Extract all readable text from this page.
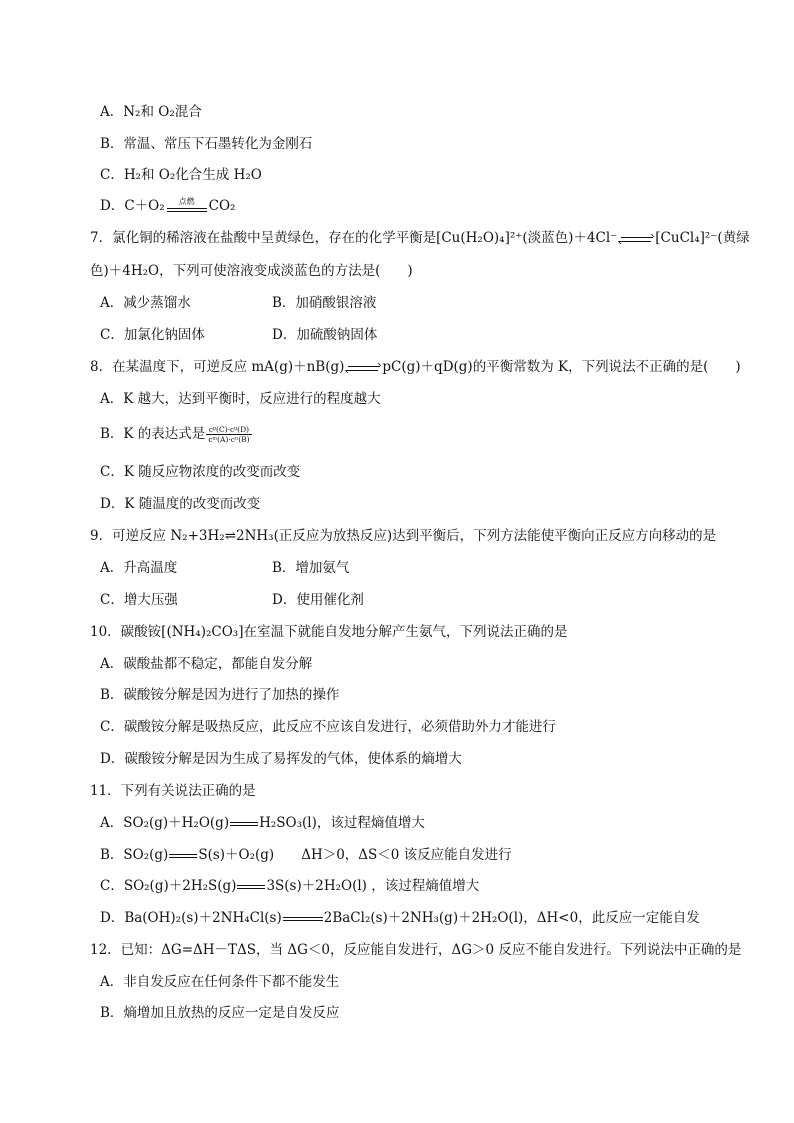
A．N₂和 O₂混合
B．常温、常压下石墨转化为金刚石
C．H₂和 O₂化合生成 H₂O
D．C＋O₂	点燃	CO₂
7．氯化铜的稀溶液在盐酸中呈黄绿色，存在的化学平衡是[Cu(H₂O)₄]²⁺(淡蓝色)＋4Cl⁻	[CuCl₄]²⁻(黄绿
色)＋4H₂O，下列可使溶液变成淡蓝色的方法是(　　)
A．减少蒸馏水	B．加硝酸银溶液
C．加氯化钠固体	D．加硫酸钠固体
8．在某温度下，可逆反应 mA(g)＋nB(g)	pC(g)＋qD(g)的平衡常数为 K，下列说法不正确的是(　　)
A．K 越大，达到平衡时，反应进行的程度越大
B．K 的表达式是 $\frac{\text{cᵖ(C)·cᵍ(D)}}{\text{cᵐ(A)·cⁿ(B)}}$
C．K 随反应物浓度的改变而改变
D．K 随温度的改变而改变
9．可逆反应 N₂+3H₂⇌2NH₃(正反应为放热反应)达到平衡后，下列方法能使平衡向正反应方向移动的是
A．升高温度	B．增加氨气
C．增大压强	D．使用催化剂
10．碳酸铵[(NH₄)₂CO₃]在室温下就能自发地分解产生氨气，下列说法正确的是
A．碳酸盐都不稳定，都能自发分解
B．碳酸铵分解是因为进行了加热的操作
C．碳酸铵分解是吸热反应，此反应不应该自发进行，必须借助外力才能进行
D．碳酸铵分解是因为生成了易挥发的气体，使体系的熵增大
11．下列有关说法正确的是
A．SO₂(g)＋H₂O(g) H₂SO₃(l)，该过程熵值增大
B．SO₂(g) S(s)＋O₂(g)　　ΔH＞0，ΔS＜0 该反应能自发进行
C．SO₂(g)＋2H₂S(g) 3S(s)＋2H₂O(l) ，该过程熵值增大
D．Ba(OH)₂(s)＋2NH₄Cl(s)	2BaCl₂(s)＋2NH₃(g)＋2H₂O(l)，ΔH<0，此反应一定能自发
12．已知：ΔG=ΔH－TΔS，当 ΔG＜0，反应能自发进行，ΔG＞0 反应不能自发进行。下列说法中正确的是
A．非自发反应在任何条件下都不能发生
B．熵增加且放热的反应一定是自发反应
